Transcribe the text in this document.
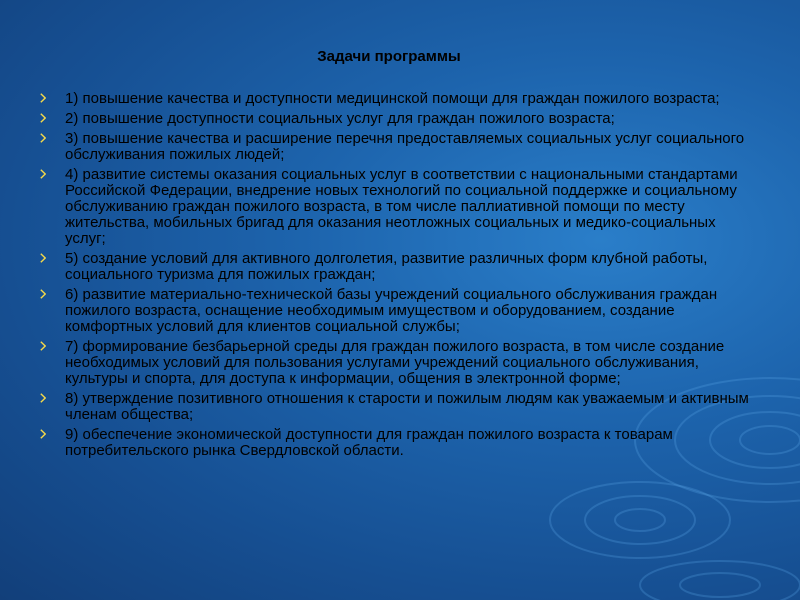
Задачи программы
1) повышение качества и доступности медицинской помощи для граждан пожилого возраста;
2) повышение доступности социальных услуг для граждан пожилого возраста;
3) повышение качества и расширение перечня предоставляемых социальных услуг социального обслуживания пожилых людей;
4) развитие системы оказания социальных услуг в соответствии с национальными стандартами Российской Федерации, внедрение новых технологий по социальной поддержке и социальному обслуживанию граждан пожилого возраста, в том числе паллиативной помощи по месту жительства, мобильных бригад для оказания неотложных социальных и медико-социальных услуг;
5) создание условий для активного долголетия, развитие различных форм клубной работы, социального туризма для пожилых граждан;
6) развитие материально-технической базы учреждений социального обслуживания граждан пожилого возраста, оснащение необходимым имуществом и оборудованием, создание комфортных условий для клиентов социальной службы;
7) формирование безбарьерной среды для граждан пожилого возраста, в том числе создание необходимых условий для пользования услугами учреждений социального обслуживания, культуры и спорта, для доступа к информации, общения в электронной форме;
8) утверждение позитивного отношения к старости и пожилым людям как уважаемым и активным членам общества;
9) обеспечение экономической доступности для граждан пожилого возраста к товарам потребительского рынка Свердловской области.
